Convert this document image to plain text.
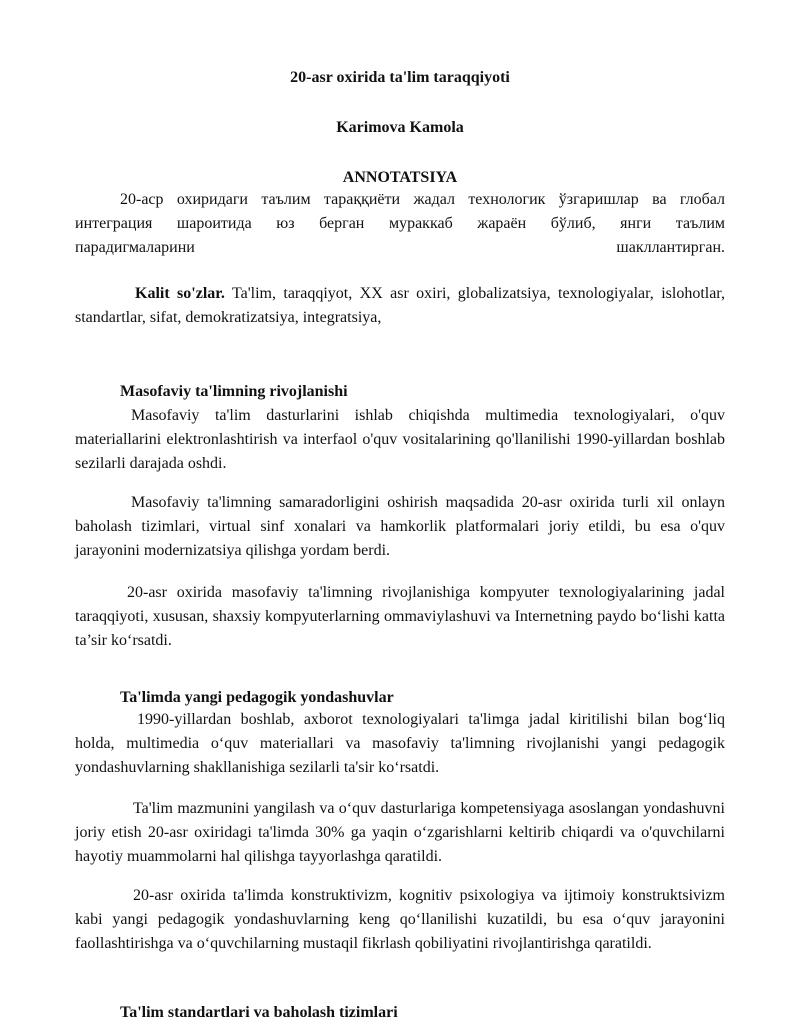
20-asr oxirida ta'lim taraqqiyoti
Karimova Kamola
ANNOTATSIYA
20-аср охиридаги таълим тараққиёти жадал технологик ўзгаришлар ва глобал
интеграция шароитида юз берган мураккаб жараён бўлиб, янги таълим
парадигмаларини	шакллантирган.

Kalit so'zlar. Ta'lim, taraqqiyot, XX asr oxiri, globalizatsiya, texnologiyalar, islohotlar, standartlar, sifat, demokratizatsiya, integratsiya,

Masofaviy ta'limning rivojlanishi

Masofaviy ta'lim dasturlarini ishlab chiqishda multimedia texnologiyalari, o'quv materiallarini elektronlashtirish va interfaol o'quv vositalarining qo'llanilishi 1990-yillardan boshlab sezilarli darajada oshdi.

Masofaviy ta'limning samaradorligini oshirish maqsadida 20-asr oxirida turli xil onlayn baholash tizimlari, virtual sinf xonalari va hamkorlik platformalari joriy etildi, bu esa o'quv jarayonini modernizatsiya qilishga yordam berdi.

20-asr oxirida masofaviy ta'limning rivojlanishiga kompyuter texnologiyalarining jadal taraqqiyoti, xususan, shaxsiy kompyuterlarning ommaviylashuvi va Internetning paydo bo‘lishi katta ta’sir ko‘rsatdi.

Ta'limda yangi pedagogik yondashuvlar

1990-yillardan boshlab, axborot texnologiyalari ta'limga jadal kiritilishi bilan bog‘liq holda, multimedia o‘quv materiallari va masofaviy ta'limning rivojlanishi yangi pedagogik yondashuvlarning shakllanishiga sezilarli ta'sir ko‘rsatdi.

Ta'lim mazmunini yangilash va o‘quv dasturlariga kompetensiyaga asoslangan yondashuvni joriy etish 20-asr oxiridagi ta'limda 30% ga yaqin o‘zgarishlarni keltirib chiqardi va o'quvchilarni hayotiy muammolarni hal qilishga tayyorlashga qaratildi.

20-asr oxirida ta'limda konstruktivizm, kognitiv psixologiya va ijtimoiy konstruktsivizm kabi yangi pedagogik yondashuvlarning keng qo‘llanilishi kuzatildi, bu esa o‘quv jarayonini faollashtirishga va o‘quvchilarning mustaqil fikrlash qobiliyatini rivojlantirishga qaratildi.

Ta'lim standartlari va baholash tizimlari
